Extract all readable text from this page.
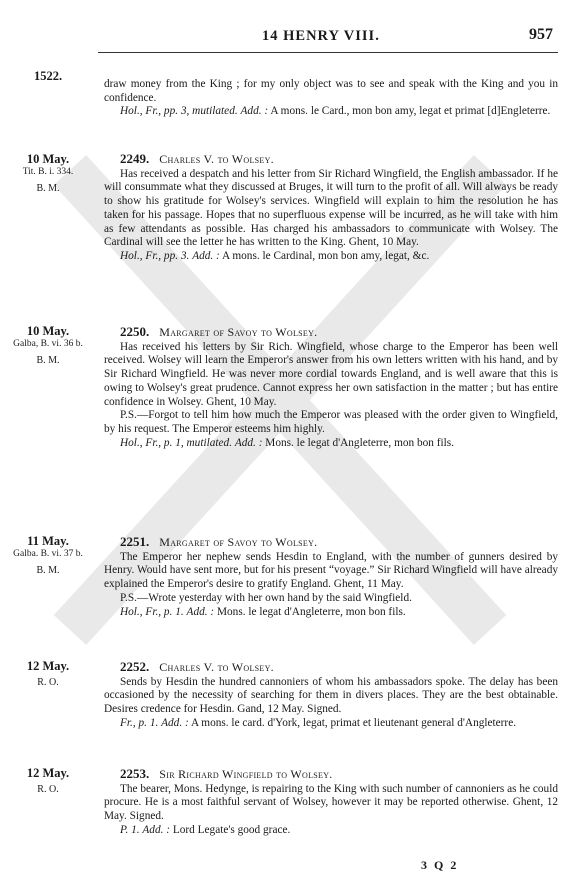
14 HENRY VIII.	957
1522.

draw money from the King ; for my only object was to see and speak with the King and you in confidence.

Hol., Fr., pp. 3, mutilated. Add. : A mons. le Card., mon bon amy, legat et primat [d]Engleterre.

10 May.
Tit. B. i. 334.
B. M.

2249. Charles V. to Wolsey.

Has received a despatch and his letter from Sir Richard Wingfield, the English ambassador. If he will consummate what they discussed at Bruges, it will turn to the profit of all. Will always be ready to show his gratitude for Wolsey's services. Wingfield will explain to him the resolution he has taken for his passage. Hopes that no superfluous expense will be incurred, as he will take with him as few attendants as possible. Has charged his ambassadors to communicate with Wolsey. The Cardinal will see the letter he has written to the King. Ghent, 10 May.

Hol., Fr., pp. 3. Add. : A mons. le Cardinal, mon bon amy, legat, &c.

10 May.
Galba, B. vi. 36 b.
B. M.

2250. Margaret of Savoy to Wolsey.

Has received his letters by Sir Rich. Wingfield, whose charge to the Emperor has been well received. Wolsey will learn the Emperor's answer from his own letters written with his hand, and by Sir Richard Wingfield. He was never more cordial towards England, and is well aware that this is owing to Wolsey's great prudence. Cannot express her own satisfaction in the matter ; but has entire confidence in Wolsey. Ghent, 10 May.

P.S.—Forgot to tell him how much the Emperor was pleased with the order given to Wingfield, by his request. The Emperor esteems him highly.

Hol., Fr., p. 1, mutilated. Add. : Mons. le legat d'Angleterre, mon bon fils.

11 May.
Galba. B. vi. 37 b.
B. M.

2251. Margaret of Savoy to Wolsey.

The Emperor her nephew sends Hesdin to England, with the number of gunners desired by Henry. Would have sent more, but for his present “voyage.” Sir Richard Wingfield will have already explained the Emperor's desire to gratify England. Ghent, 11 May.

P.S.—Wrote yesterday with her own hand by the said Wingfield.

Hol., Fr., p. 1. Add. : Mons. le legat d'Angleterre, mon bon fils.

12 May.
R. O.

2252. Charles V. to Wolsey.

Sends by Hesdin the hundred cannoniers of whom his ambassadors spoke. The delay has been occasioned by the necessity of searching for them in divers places. They are the best obtainable. Desires credence for Hesdin. Gand, 12 May. Signed.

Fr., p. 1. Add. : A mons. le card. d'York, legat, primat et lieutenant general d'Angleterre.

12 May.
R. O.

2253. Sir Richard Wingfield to Wolsey.

The bearer, Mons. Hedynge, is repairing to the King with such number of cannoniers as he could procure. He is a most faithful servant of Wolsey, however it may be reported otherwise. Ghent, 12 May. Signed.

P. 1. Add. : Lord Legate's good grace.

3 Q 2
